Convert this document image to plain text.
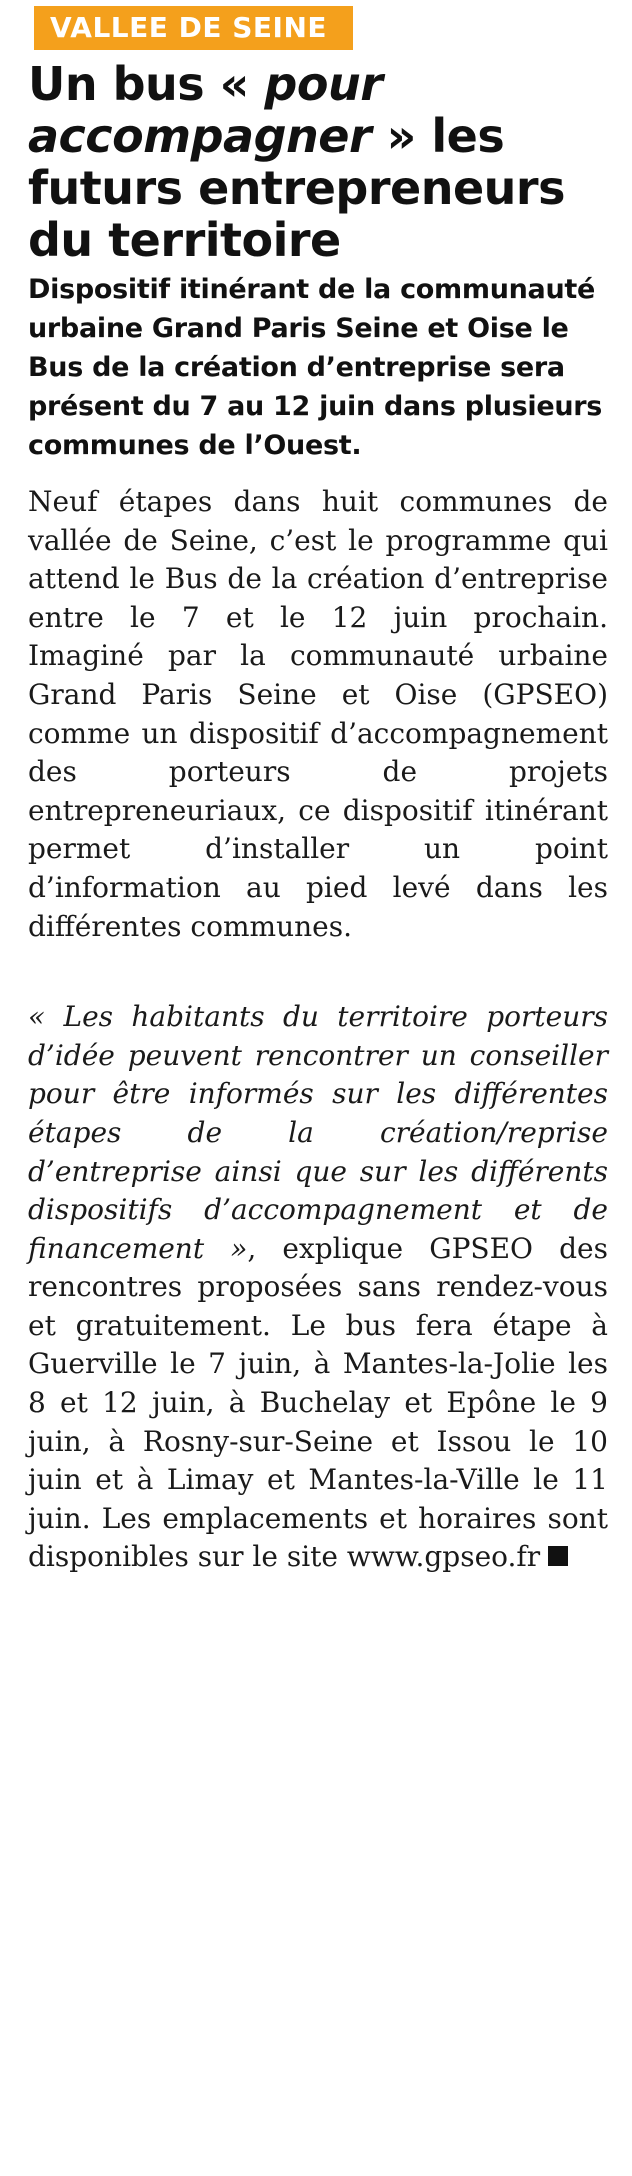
VALLEE DE SEINE
Un bus « pour accompagner » les futurs entrepreneurs du territoire

Dispositif itinérant de la communauté urbaine Grand Paris Seine et Oise le Bus de la création d’entreprise sera présent du 7 au 12 juin dans plusieurs communes de l’Ouest.

Neuf étapes dans huit communes de vallée de Seine, c’est le programme qui attend le Bus de la création d’entreprise entre le 7 et le 12 juin prochain. Imaginé par la communauté urbaine Grand Paris Seine et Oise (GPSEO) comme un dispositif d’accompagnement des porteurs de projets entrepreneuriaux, ce dispositif itinérant permet d’installer un point d’information au pied levé dans les différentes communes.

« Les habitants du territoire porteurs d’idée peuvent rencontrer un conseiller pour être informés sur les différentes étapes de la création/reprise d’entreprise ainsi que sur les différents dispositifs d’accompagnement et de financement », explique GPSEO des rencontres proposées sans rendez-vous et gratuitement. Le bus fera étape à Guerville le 7 juin, à Mantes-la-Jolie les 8 et 12 juin, à Buchelay et Epône le 9 juin, à Rosny-sur-Seine et Issou le 10 juin et à Limay et Mantes-la-Ville le 11 juin. Les emplacements et horaires sont disponibles sur le site www.gpseo.fr
